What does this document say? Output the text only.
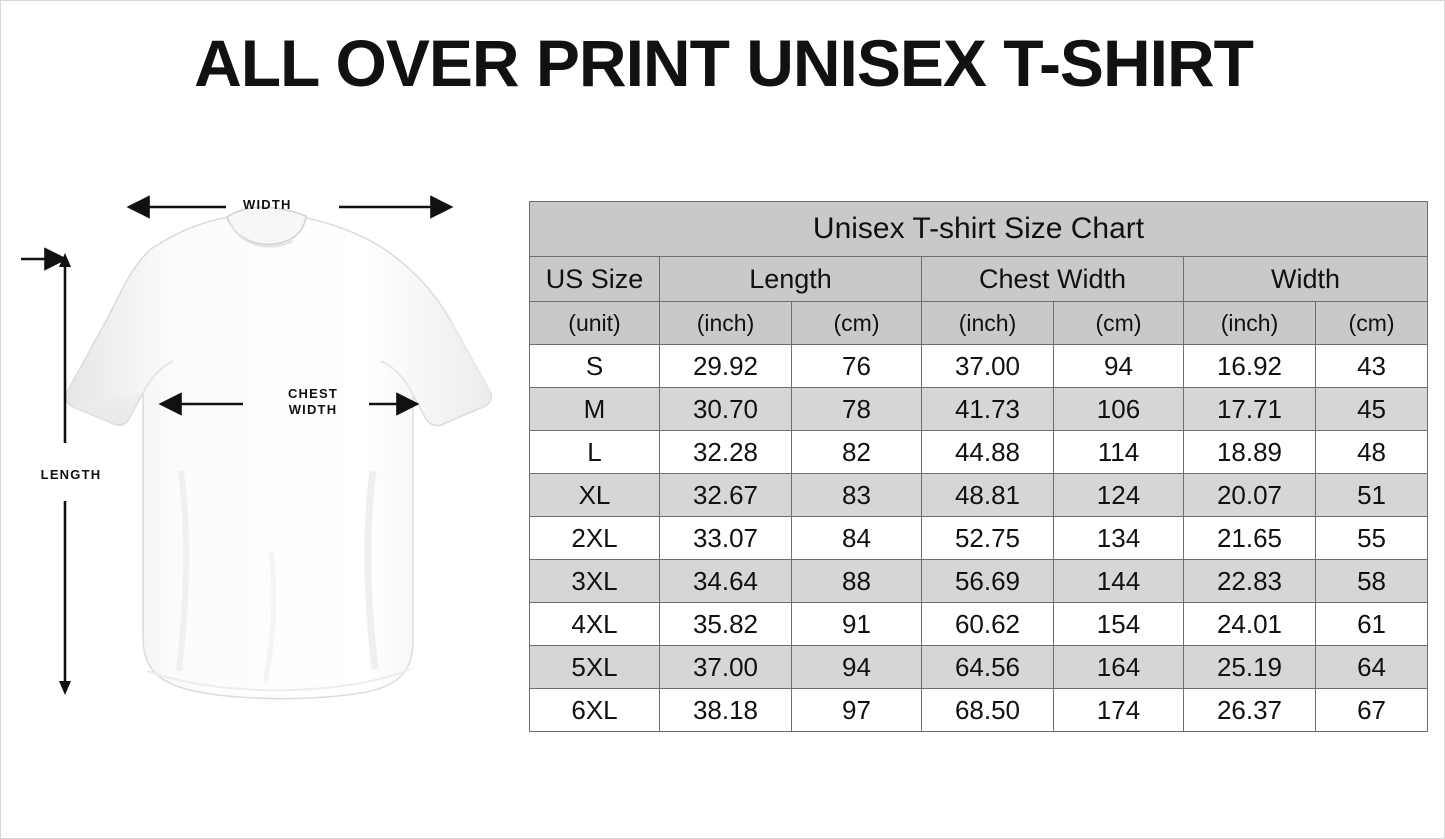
ALL OVER PRINT UNISEX T-SHIRT
WIDTH
LENGTH
CHEST
WIDTH
Unisex T-shirt Size Chart						
US Size	Length		Chest Width		Width	
(unit)	(inch)	(cm)	(inch)	(cm)	(inch)	(cm)
S	29.92	76	37.00	94	16.92	43
M	30.70	78	41.73	106	17.71	45
L	32.28	82	44.88	114	18.89	48
XL	32.67	83	48.81	124	20.07	51
2XL	33.07	84	52.75	134	21.65	55
3XL	34.64	88	56.69	144	22.83	58
4XL	35.82	91	60.62	154	24.01	61
5XL	37.00	94	64.56	164	25.19	64
6XL	38.18	97	68.50	174	26.37	67
